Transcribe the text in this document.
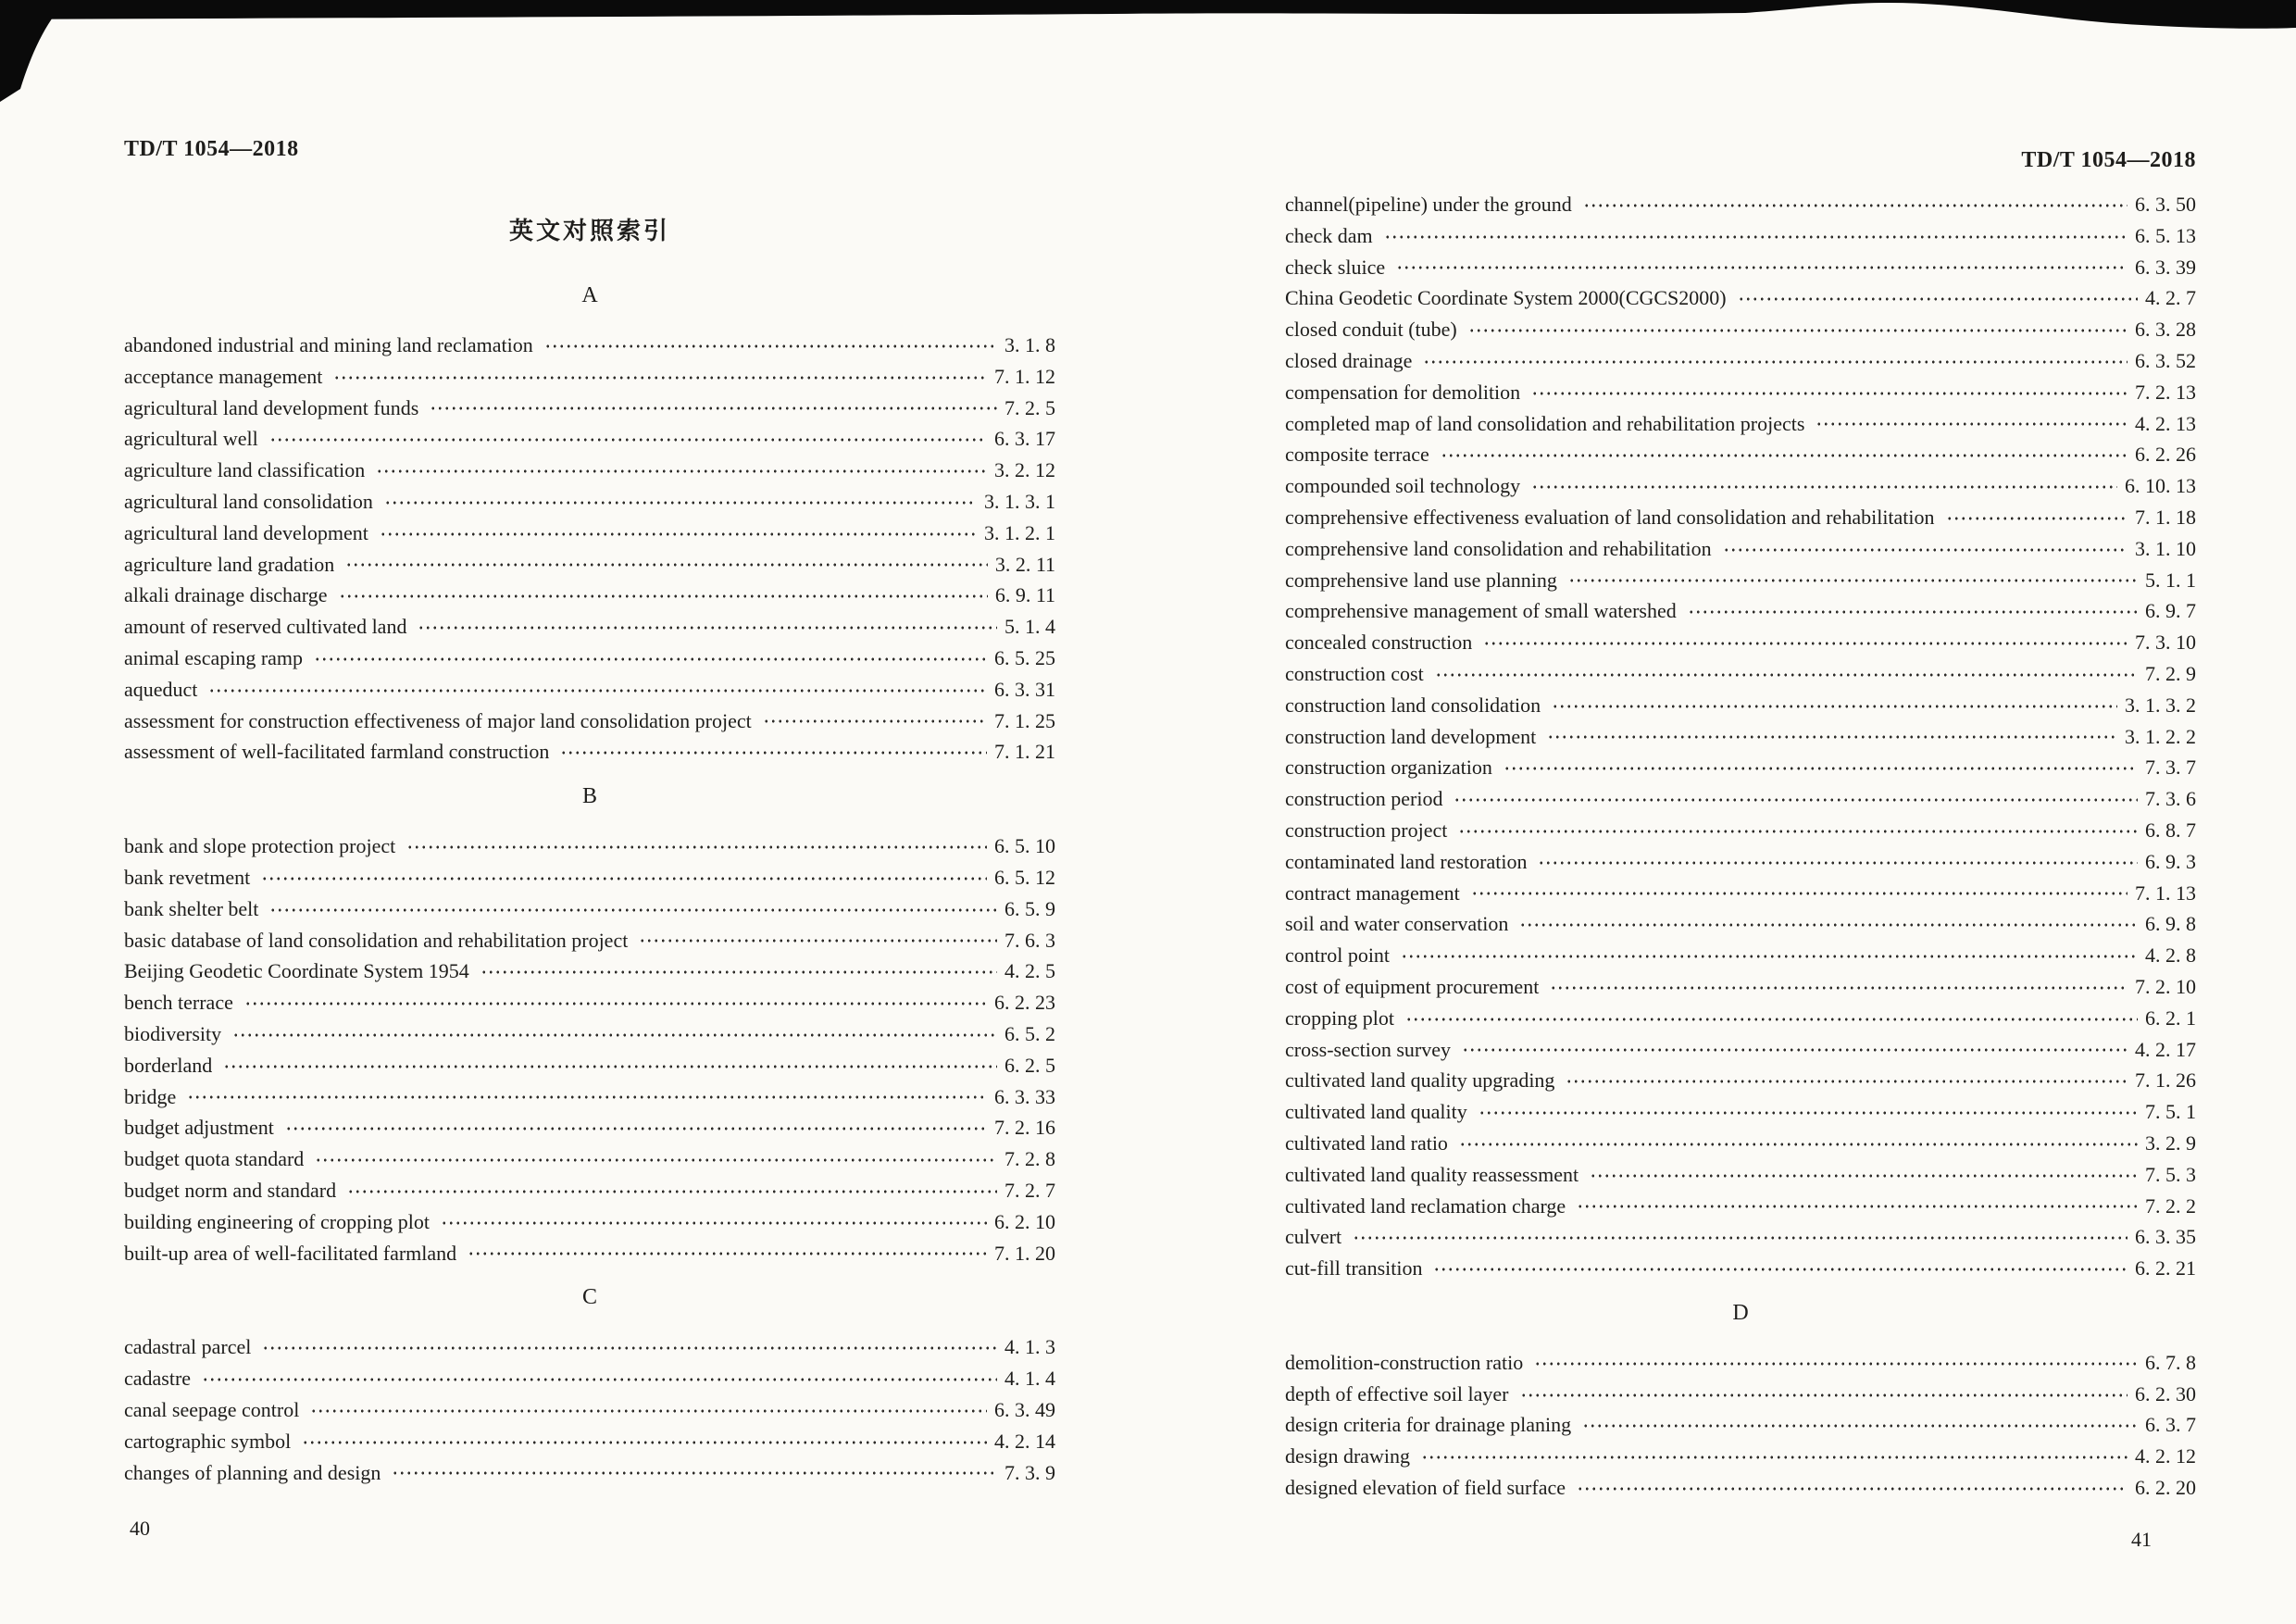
TD/T 1054—2018
英文对照索引
A
abandoned industrial and mining land reclamation	3. 1. 8
acceptance management	7. 1. 12
agricultural land development funds	7. 2. 5
agricultural well	6. 3. 17
agriculture land classification	3. 2. 12
agricultural land consolidation	3. 1. 3. 1
agricultural land development	3. 1. 2. 1
agriculture land gradation	3. 2. 11
alkali drainage discharge	6. 9. 11
amount of reserved cultivated land	5. 1. 4
animal escaping ramp	6. 5. 25
aqueduct	6. 3. 31
assessment for construction effectiveness of major land consolidation project	7. 1. 25
assessment of well-facilitated farmland construction	7. 1. 21
B
bank and slope protection project	6. 5. 10
bank revetment	6. 5. 12
bank shelter belt	6. 5. 9
basic database of land consolidation and rehabilitation project	7. 6. 3
Beijing Geodetic Coordinate System 1954	4. 2. 5
bench terrace	6. 2. 23
biodiversity	6. 5. 2
borderland	6. 2. 5
bridge	6. 3. 33
budget adjustment	7. 2. 16
budget quota standard	7. 2. 8
budget norm and standard	7. 2. 7
building engineering of cropping plot	6. 2. 10
built-up area of well-facilitated farmland	7. 1. 20
C
cadastral parcel	4. 1. 3
cadastre	4. 1. 4
canal seepage control	6. 3. 49
cartographic symbol	4. 2. 14
changes of planning and design	7. 3. 9
40
TD/T 1054—2018
channel(pipeline) under the ground	6. 3. 50
check dam	6. 5. 13
check sluice	6. 3. 39
China Geodetic Coordinate System 2000(CGCS2000)	4. 2. 7
closed conduit (tube)	6. 3. 28
closed drainage	6. 3. 52
compensation for demolition	7. 2. 13
completed map of land consolidation and rehabilitation projects	4. 2. 13
composite terrace	6. 2. 26
compounded soil technology	6. 10. 13
comprehensive effectiveness evaluation of land consolidation and rehabilitation	7. 1. 18
comprehensive land consolidation and rehabilitation	3. 1. 10
comprehensive land use planning	5. 1. 1
comprehensive management of small watershed	6. 9. 7
concealed construction	7. 3. 10
construction cost	7. 2. 9
construction land consolidation	3. 1. 3. 2
construction land development	3. 1. 2. 2
construction organization	7. 3. 7
construction period	7. 3. 6
construction project	6. 8. 7
contaminated land restoration	6. 9. 3
contract management	7. 1. 13
soil and water conservation	6. 9. 8
control point	4. 2. 8
cost of equipment procurement	7. 2. 10
cropping plot	6. 2. 1
cross-section survey	4. 2. 17
cultivated land quality upgrading	7. 1. 26
cultivated land quality	7. 5. 1
cultivated land ratio	3. 2. 9
cultivated land quality reassessment	7. 5. 3
cultivated land reclamation charge	7. 2. 2
culvert	6. 3. 35
cut-fill transition	6. 2. 21
D
demolition-construction ratio	6. 7. 8
depth of effective soil layer	6. 2. 30
design criteria for drainage planing	6. 3. 7
design drawing	4. 2. 12
designed elevation of field surface	6. 2. 20
41
